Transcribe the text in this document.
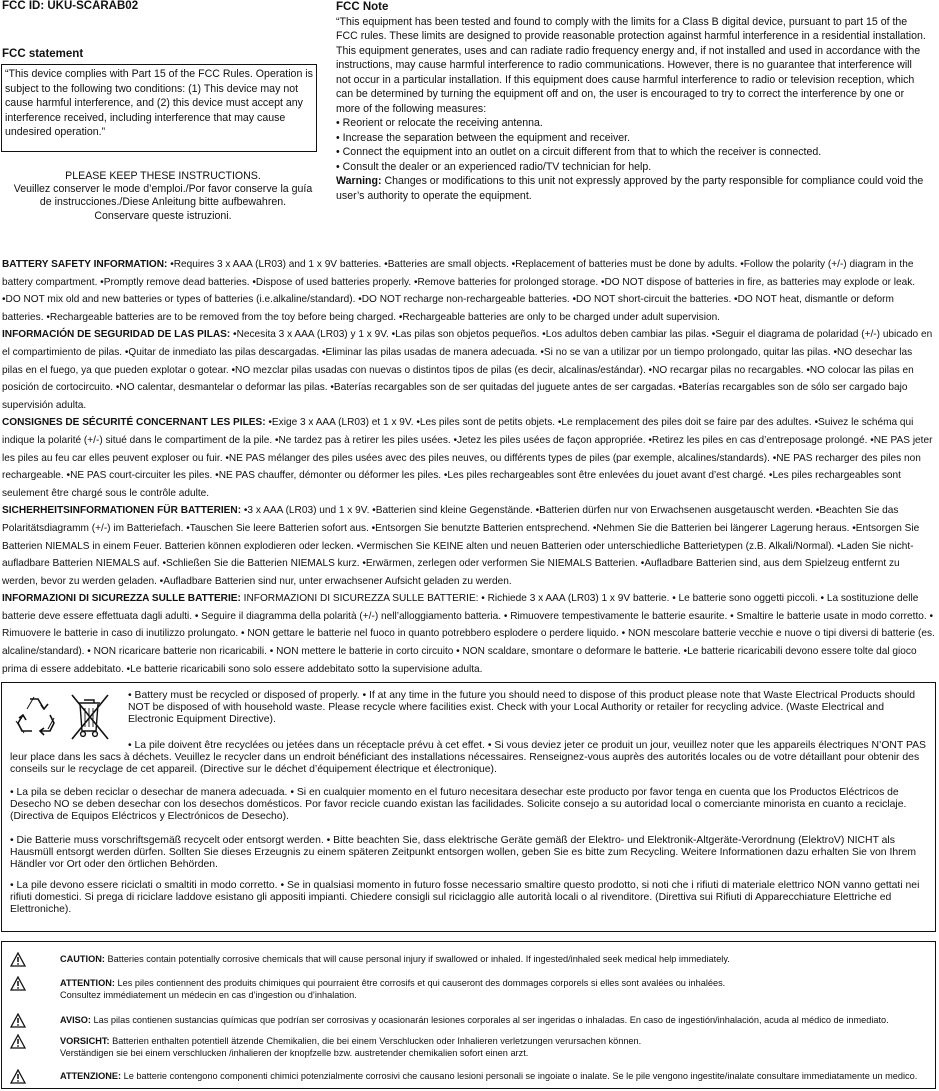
FCC ID: UKU-SCARAB02
FCC statement
“This device complies with Part 15 of the FCC Rules. Operation is subject to the following two conditions: (1) This device may not cause harmful interference, and (2) this device must accept any interference received, including interference that may cause undesired operation.”
PLEASE KEEP THESE INSTRUCTIONS.
Veuillez conserver le mode d’emploi./Por favor conserve la guía
de instrucciones./Diese Anleitung bitte aufbewahren.
Conservare queste istruzioni.
FCC Note
“This equipment has been tested and found to comply with the limits for a Class B digital device, pursuant to part 15 of the FCC rules. These limits are designed to provide reasonable protection against harmful interference in a residential installation. This equipment generates, uses and can radiate radio frequency energy and, if not installed and used in accordance with the instructions, may cause harmful interference to radio communications. However, there is no guarantee that interference will not occur in a particular installation. If this equipment does cause harmful interference to radio or television reception, which can be determined by turning the equipment off and on, the user is encouraged to try to correct the interference by one or more of the following measures:
• Reorient or relocate the receiving antenna.
• Increase the separation between the equipment and receiver.
• Connect the equipment into an outlet on a circuit different from that to which the receiver is connected.
• Consult the dealer or an experienced radio/TV technician for help.
Warning: Changes or modifications to this unit not expressly approved by the party responsible for compliance could void the user’s authority to operate the equipment.

BATTERY SAFETY INFORMATION: •Requires 3 x AAA (LR03) and 1 x 9V batteries. •Batteries are small objects. •Replacement of batteries must be done by adults. •Follow the polarity (+/-) diagram in the battery compartment. •Promptly remove dead batteries. •Dispose of used batteries properly. •Remove batteries for prolonged storage. •DO NOT dispose of batteries in fire, as batteries may explode or leak. •DO NOT mix old and new batteries or types of batteries (i.e.alkaline/standard). •DO NOT recharge non-rechargeable batteries. •DO NOT short-circuit the batteries. •DO NOT heat, dismantle or deform batteries. •Rechargeable batteries are to be removed from the toy before being charged. •Rechargeable batteries are only to be charged under adult supervision.

INFORMACIÓN DE SEGURIDAD DE LAS PILAS: •Necesita 3 x AAA (LR03) y 1 x 9V. •Las pilas son objetos pequeños. •Los adultos deben cambiar las pilas. •Seguir el diagrama de polaridad (+/-) ubicado en el compartimiento de pilas. •Quitar de inmediato las pilas descargadas. •Eliminar las pilas usadas de manera adecuada. •Si no se van a utilizar por un tiempo prolongado, quitar las pilas. •NO desechar las pilas en el fuego, ya que pueden explotar o gotear. •NO mezclar pilas usadas con nuevas o distintos tipos de pilas (es decir, alcalinas/estándar). •NO recargar pilas no recargables. •NO colocar las pilas en posición de cortocircuito. •NO calentar, desmantelar o deformar las pilas. •Baterías recargables son de ser quitadas del juguete antes de ser cargadas. •Baterías recargables son de sólo ser cargado bajo supervisión adulta.

CONSIGNES DE SÉCURITÉ CONCERNANT LES PILES: •Exige 3 x AAA (LR03) et 1 x 9V. •Les piles sont de petits objets. •Le remplacement des piles doit se faire par des adultes. •Suivez le schéma qui indique la polarité (+/-) situé dans le compartiment de la pile. •Ne tardez pas à retirer les piles usées. •Jetez les piles usées de façon appropriée. •Retirez les piles en cas d’entreposage prolongé. •NE PAS jeter les piles au feu car elles peuvent exploser ou fuir. •NE PAS mélanger des piles usées avec des piles neuves, ou différents types de piles (par exemple, alcalines/standards). •NE PAS recharger des piles non rechargeable. •NE PAS court-circuiter les piles. •NE PAS chauffer, démonter ou déformer les piles. •Les piles rechargeables sont être enlevées du jouet avant d’est chargé. •Les piles rechargeables sont seulement être chargé sous le contrôle adulte.

SICHERHEITSINFORMATIONEN FÜR BATTERIEN: •3 x AAA (LR03) und 1 x 9V. •Batterien sind kleine Gegenstände. •Batterien dürfen nur von Erwachsenen ausgetauscht werden. •Beachten Sie das Polaritätsdiagramm (+/-) im Batteriefach. •Tauschen Sie leere Batterien sofort aus. •Entsorgen Sie benutzte Batterien entsprechend. •Nehmen Sie die Batterien bei längerer Lagerung heraus. •Entsorgen Sie Batterien NIEMALS in einem Feuer. Batterien können explodieren oder lecken. •Vermischen Sie KEINE alten und neuen Batterien oder unterschiedliche Batterietypen (z.B. Alkali/Normal). •Laden Sie nicht-aufladbare Batterien NIEMALS auf. •Schließen Sie die Batterien NIEMALS kurz. •Erwärmen, zerlegen oder verformen Sie NIEMALS Batterien. •Aufladbare Batterien sind, aus dem Spielzeug entfernt zu werden, bevor zu werden geladen. •Aufladbare Batterien sind nur, unter erwachsener Aufsicht geladen zu werden.

INFORMAZIONI DI SICUREZZA SULLE BATTERIE: INFORMAZIONI DI SICUREZZA SULLE BATTERIE: • Richiede 3 x AAA (LR03) 1 x 9V batterie. • Le batterie sono oggetti piccoli. • La sostituzione delle batterie deve essere effettuata dagli adulti. • Seguire il diagramma della polarità (+/-) nell’alloggiamento batteria. • Rimuovere tempestivamente le batterie esaurite. • Smaltire le batterie usate in modo corretto. • Rimuovere le batterie in caso di inutilizzo prolungato. • NON gettare le batterie nel fuoco in quanto potrebbero esplodere o perdere liquido. • NON mescolare batterie vecchie e nuove o tipi diversi di batterie (es. alcaline/standard). • NON ricaricare batterie non ricaricabili. • NON mettere le batterie in corto circuito • NON scaldare, smontare o deformare le batterie. •Le batterie ricaricabili devono essere tolte dal gioco prima di essere addebitato. •Le batterie ricaricabili sono solo essere addebitato sotto la supervisione adulta.

• Battery must be recycled or disposed of properly. • If at any time in the future you should need to dispose of this product please note that Waste Electrical Products should NOT be disposed of with household waste. Please recycle where facilities exist. Check with your Local Authority or retailer for recycling advice. (Waste Electrical and Electronic Equipment Directive).

• La pile doivent être recyclées ou jetées dans un réceptacle prévu à cet effet. • Si vous deviez jeter ce produit un jour, veuillez noter que les appareils électriques N’ONT PAS leur place dans les sacs à déchets. Veuillez le recycler dans un endroit bénéficiant des installations nécessaires. Renseignez-vous auprès des autorités locales ou de votre détaillant pour obtenir des conseils sur le recyclage de cet appareil. (Directive sur le déchet d’équipement électrique et électronique).

• La pila se deben reciclar o desechar de manera adecuada. • Si en cualquier momento en el futuro necesitara desechar este producto por favor tenga en cuenta que los Productos Eléctricos de Desecho NO se deben desechar con los desechos domésticos. Por favor recicle cuando existan las facilidades. Solicite consejo a su autoridad local o comerciante minorista en cuanto a reciclaje. (Directiva de Equipos Eléctricos y Electrónicos de Desecho).

• Die Batterie muss vorschriftsgemäß recycelt oder entsorgt werden. • Bitte beachten Sie, dass elektrische Geräte gemäß der Elektro- und Elektronik-Altgeräte-Verordnung (ElektroV) NICHT als Hausmüll entsorgt werden dürfen. Sollten Sie dieses Erzeugnis zu einem späteren Zeitpunkt entsorgen wollen, geben Sie es bitte zum Recycling. Weitere Informationen dazu erhalten Sie von Ihrem Händler vor Ort oder den örtlichen Behörden.

• La pile devono essere riciclati o smaltiti in modo corretto. • Se in qualsiasi momento in futuro fosse necessario smaltire questo prodotto, si noti che i rifiuti di materiale elettrico NON vanno gettati nei rifiuti domestici. Si prega di riciclare laddove esistano gli appositi impianti. Chiedere consigli sul riciclaggio alle autorità locali o al rivenditore. (Direttiva sui Rifiuti di Apparecchiature Elettriche ed Elettroniche).

CAUTION: Batteries contain potentially corrosive chemicals that will cause personal injury if swallowed or inhaled. If ingested/inhaled seek medical help immediately.
ATTENTION: Les piles contiennent des produits chimiques qui pourraient être corrosifs et qui causeront des dommages corporels si elles sont avalées ou inhalées.
Consultez immédiatement un médecin en cas d’ingestion ou d’inhalation.
AVISO: Las pilas contienen sustancias químicas que podrían ser corrosivas y ocasionarán lesiones corporales al ser ingeridas o inhaladas. En caso de ingestión/inhalación, acuda al médico de inmediato.
VORSICHT: Batterien enthalten potentiell ätzende Chemikalien, die bei einem Verschlucken oder Inhalieren verletzungen verursachen können.
Verständigen sie bei einem verschlucken /inhalieren der knopfzelle bzw. austretender chemikalien sofort einen arzt.
ATTENZIONE: Le batterie contengono componenti chimici potenzialmente corrosivi che causano lesioni personali se ingoiate o inalate. Se le pile vengono ingestite/inalate consultare immediatamente un medico.
